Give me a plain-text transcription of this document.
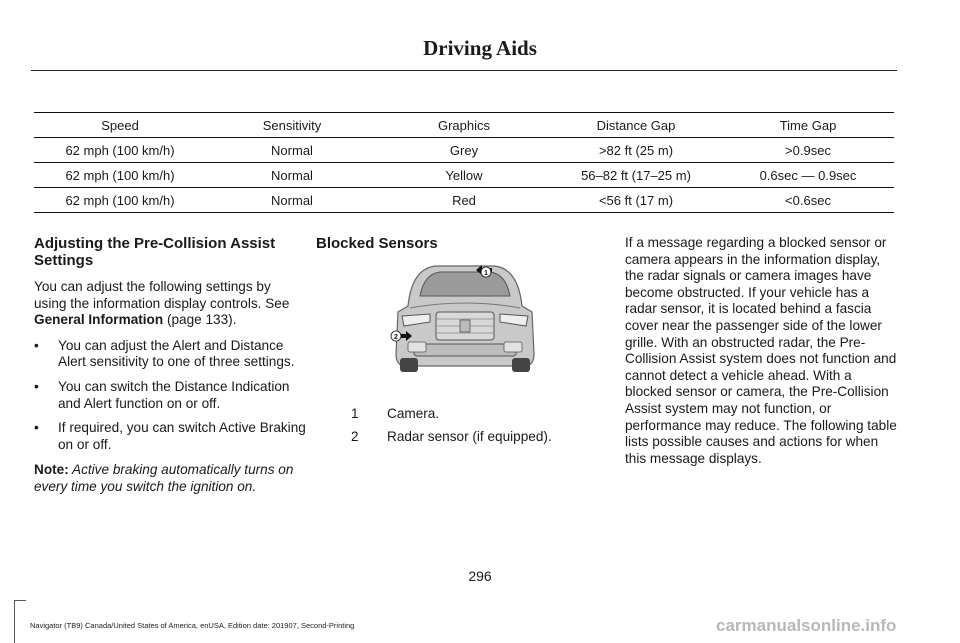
Driving Aids
Speed	Sensitivity	Graphics	Distance Gap	Time Gap
62 mph (100 km/h)	Normal	Grey	>82 ft (25 m)	>0.9sec
62 mph (100 km/h)	Normal	Yellow	56–82 ft (17–25 m)	0.6sec — 0.9sec
62 mph (100 km/h)	Normal	Red	<56 ft (17 m)	<0.6sec
Adjusting the Pre-Collision Assist Settings

You can adjust the following settings by using the information display controls. See General Information (page 133).

• You can adjust the Alert and Distance Alert sensitivity to one of three settings.
• You can switch the Distance Indication and Alert function on or off.
• If required, you can switch Active Braking on or off.

Note: Active braking automatically turns on every time you switch the ignition on.

Blocked Sensors
1
2
1	Camera.
2	Radar sensor (if equipped).

If a message regarding a blocked sensor or camera appears in the information display, the radar signals or camera images have become obstructed. If your vehicle has a radar sensor, it is located behind a fascia cover near the passenger side of the lower grille. With an obstructed radar, the Pre-Collision Assist system does not function and cannot detect a vehicle ahead. With a blocked sensor or camera, the Pre-Collision Assist system may not function, or performance may reduce. The following table lists possible causes and actions for when this message displays.

296
Navigator (TB9) Canada/United States of America, enUSA, Edition date: 201907, Second-Printing	carmanualsonline.info
